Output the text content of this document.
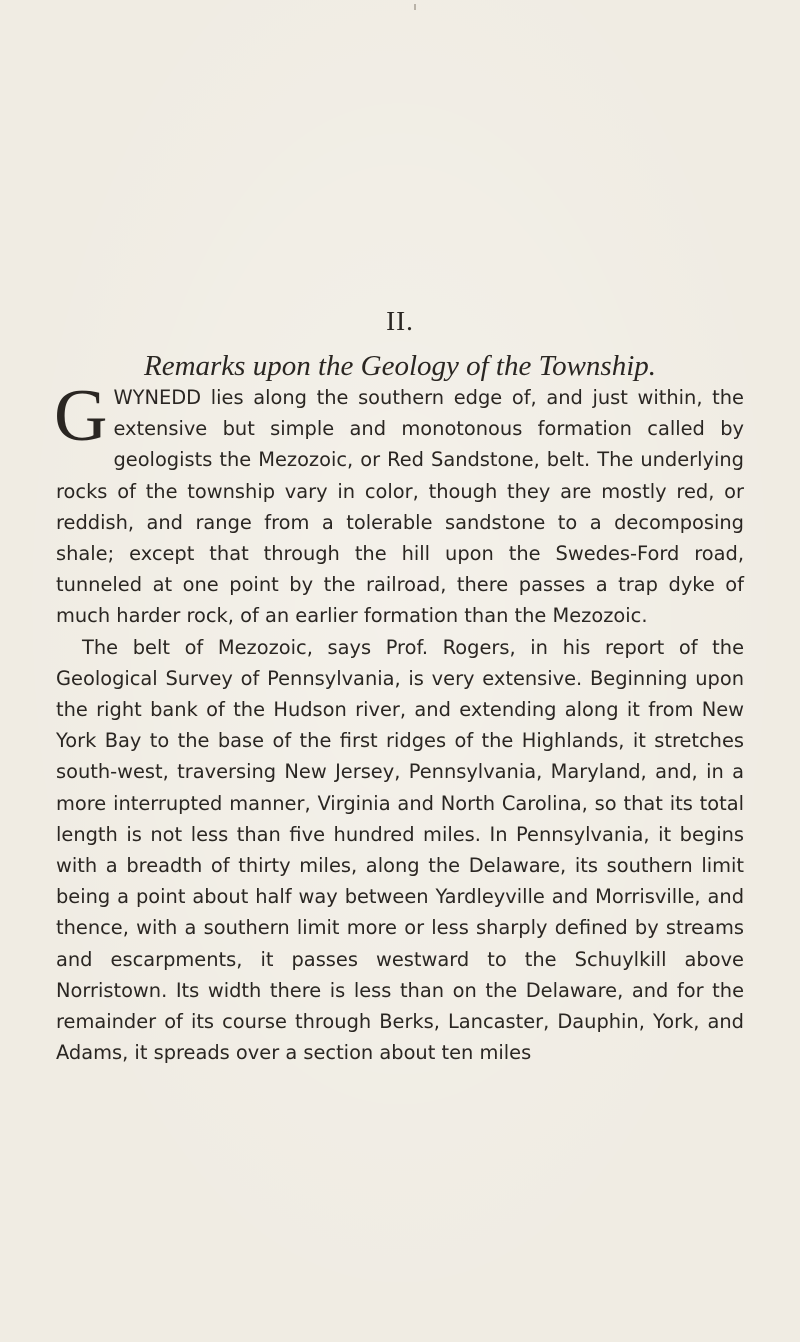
II.
Remarks upon the Geology of the Township.

GWYNEDD lies along the southern edge of, and just within, the extensive but simple and monotonous formation called by geologists the Mezozoic, or Red Sandstone, belt. The underlying rocks of the township vary in color, though they are mostly red, or reddish, and range from a tolerable sandstone to a decomposing shale; except that through the hill upon the Swedes-Ford road, tunneled at one point by the railroad, there passes a trap dyke of much harder rock, of an earlier formation than the Mezozoic.

The belt of Mezozoic, says Prof. Rogers, in his report of the Geological Survey of Pennsylvania, is very extensive. Beginning upon the right bank of the Hudson river, and extending along it from New York Bay to the base of the first ridges of the Highlands, it stretches south-west, traversing New Jersey, Pennsylvania, Maryland, and, in a more interrupted manner, Virginia and North Carolina, so that its total length is not less than five hundred miles. In Pennsylvania, it begins with a breadth of thirty miles, along the Delaware, its southern limit being a point about half way between Yardleyville and Morrisville, and thence, with a southern limit more or less sharply defined by streams and escarpments, it passes westward to the Schuylkill above Norristown. Its width there is less than on the Delaware, and for the remainder of its course through Berks, Lancaster, Dauphin, York, and Adams, it spreads over a section about ten miles
